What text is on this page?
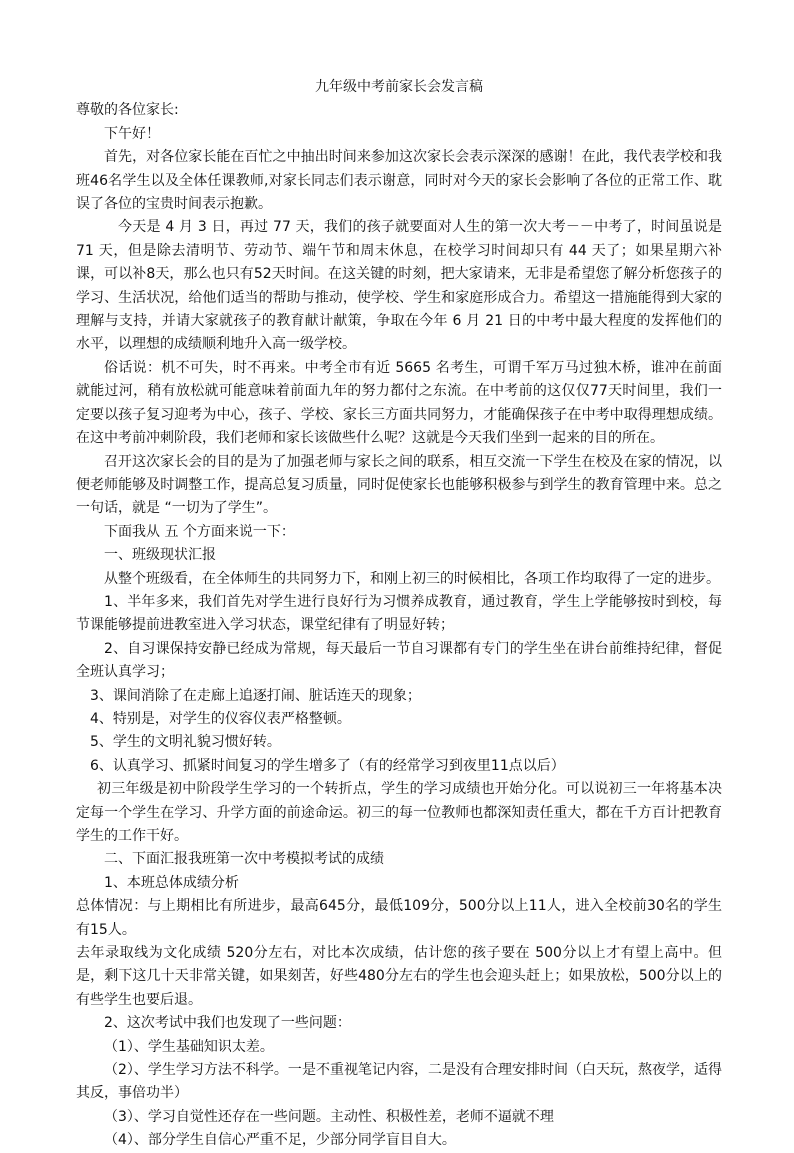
九年级中考前家长会发言稿

尊敬的各位家长:

下午好！

首先，对各位家长能在百忙之中抽出时间来参加这次家长会表示深深的感谢！在此，我代表学校和我班46名学生以及全体任课教师,对家长同志们表示谢意，同时对今天的家长会影响了各位的正常工作、耽误了各位的宝贵时间表示抱歉。

今天是 4 月 3 日，再过 77 天，我们的孩子就要面对人生的第一次大考－－中考了，时间虽说是 71 天，但是除去清明节、劳动节、端午节和周末休息，在校学习时间却只有 44 天了；如果星期六补课，可以补8天，那么也只有52天时间。在这关键的时刻，把大家请来，无非是希望您了解分析您孩子的学习、生活状况，给他们适当的帮助与推动，使学校、学生和家庭形成合力。希望这一措施能得到大家的理解与支持，并请大家就孩子的教育献计献策，争取在今年 6 月 21 日的中考中最大程度的发挥他们的水平，以理想的成绩顺利地升入高一级学校。

俗话说：机不可失，时不再来。中考全市有近 5665 名考生，可谓千军万马过独木桥，谁冲在前面就能过河，稍有放松就可能意味着前面九年的努力都付之东流。在中考前的这仅仅77天时间里，我们一定要以孩子复习迎考为中心，孩子、学校、家长三方面共同努力，才能确保孩子在中考中取得理想成绩。在这中考前冲刺阶段，我们老师和家长该做些什么呢？这就是今天我们坐到一起来的目的所在。

召开这次家长会的目的是为了加强老师与家长之间的联系，相互交流一下学生在校及在家的情况，以便老师能够及时调整工作，提高总复习质量，同时促使家长也能够积极参与到学生的教育管理中来。总之一句话，就是 “一切为了学生”。

下面我从 五 个方面来说一下：

一、班级现状汇报

从整个班级看，在全体师生的共同努力下，和刚上初三的时候相比，各项工作均取得了一定的进步。

1、半年多来，我们首先对学生进行良好行为习惯养成教育，通过教育，学生上学能够按时到校，每节课能够提前进教室进入学习状态，课堂纪律有了明显好转；

2、自习课保持安静已经成为常规，每天最后一节自习课都有专门的学生坐在讲台前维持纪律，督促全班认真学习；

3、课间消除了在走廊上追逐打闹、脏话连天的现象；

4、特别是，对学生的仪容仪表严格整顿。

5、学生的文明礼貌习惯好转。

6、认真学习、抓紧时间复习的学生增多了（有的经常学习到夜里11点以后）

初三年级是初中阶段学生学习的一个转折点，学生的学习成绩也开始分化。可以说初三一年将基本决定每一个学生在学习、升学方面的前途命运。初三的每一位教师也都深知责任重大，都在千方百计把教育学生的工作干好。

二、下面汇报我班第一次中考模拟考试的成绩

1、本班总体成绩分析

总体情况：与上期相比有所进步，最高645分，最低109分，500分以上11人，进入全校前30名的学生有15人。

去年录取线为文化成绩 520分左右，对比本次成绩，估计您的孩子要在 500分以上才有望上高中。但是，剩下这几十天非常关键，如果刻苦，好些480分左右的学生也会迎头赶上；如果放松，500分以上的有些学生也要后退。

2、这次考试中我们也发现了一些问题：

（1）、学生基础知识太差。

（2）、学生学习方法不科学。一是不重视笔记内容，二是没有合理安排时间（白天玩，熬夜学，适得其反，事倍功半）

（3）、学习自觉性还存在一些问题。主动性、积极性差，老师不逼就不理

（4）、部分学生自信心严重不足，少部分同学盲目自大。
